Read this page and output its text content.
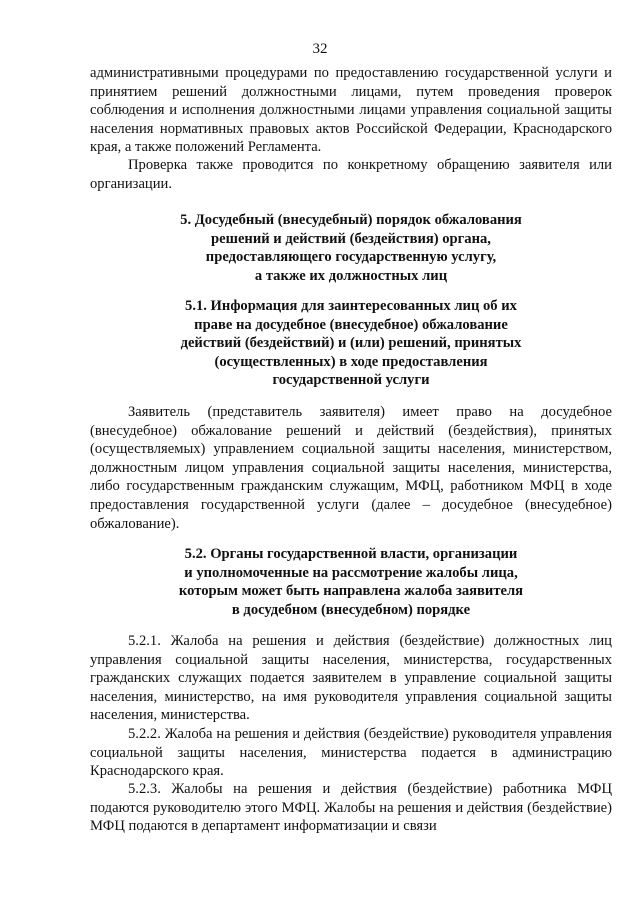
32

административными процедурами по предоставлению государственной услуги и принятием решений должностными лицами, путем проведения проверок соблюдения и исполнения должностными лицами управления социальной защиты населения нормативных правовых актов Российской Федерации, Краснодарского края, а также положений Регламента.

Проверка также проводится по конкретному обращению заявителя или организации.

5. Досудебный (внесудебный) порядок обжалования
решений и действий (бездействия) органа,
предоставляющего государственную услугу,
а также их должностных лиц
5.1. Информация для заинтересованных лиц об их
праве на досудебное (внесудебное) обжалование
действий (бездействий) и (или) решений, принятых
(осуществленных) в ходе предоставления
государственной услуги

Заявитель (представитель заявителя) имеет право на досудебное (внесудебное) обжалование решений и действий (бездействия), принятых (осуществляемых) управлением социальной защиты населения, министерством, должностным лицом управления социальной защиты населения, министерства, либо государственным гражданским служащим, МФЦ, работником МФЦ в ходе предоставления государственной услуги (далее – досудебное (внесудебное) обжалование).

5.2. Органы государственной власти, организации
и уполномоченные на рассмотрение жалобы лица,
которым может быть направлена жалоба заявителя
в досудебном (внесудебном) порядке

5.2.1. Жалоба на решения и действия (бездействие) должностных лиц управления социальной защиты населения, министерства, государственных гражданских служащих подается заявителем в управление социальной защиты населения, министерство, на имя руководителя управления социальной защиты населения, министерства.

5.2.2. Жалоба на решения и действия (бездействие) руководителя управления социальной защиты населения, министерства подается в администрацию Краснодарского края.

5.2.3. Жалобы на решения и действия (бездействие) работника МФЦ подаются руководителю этого МФЦ. Жалобы на решения и действия (бездействие) МФЦ подаются в департамент информатизации и связи
